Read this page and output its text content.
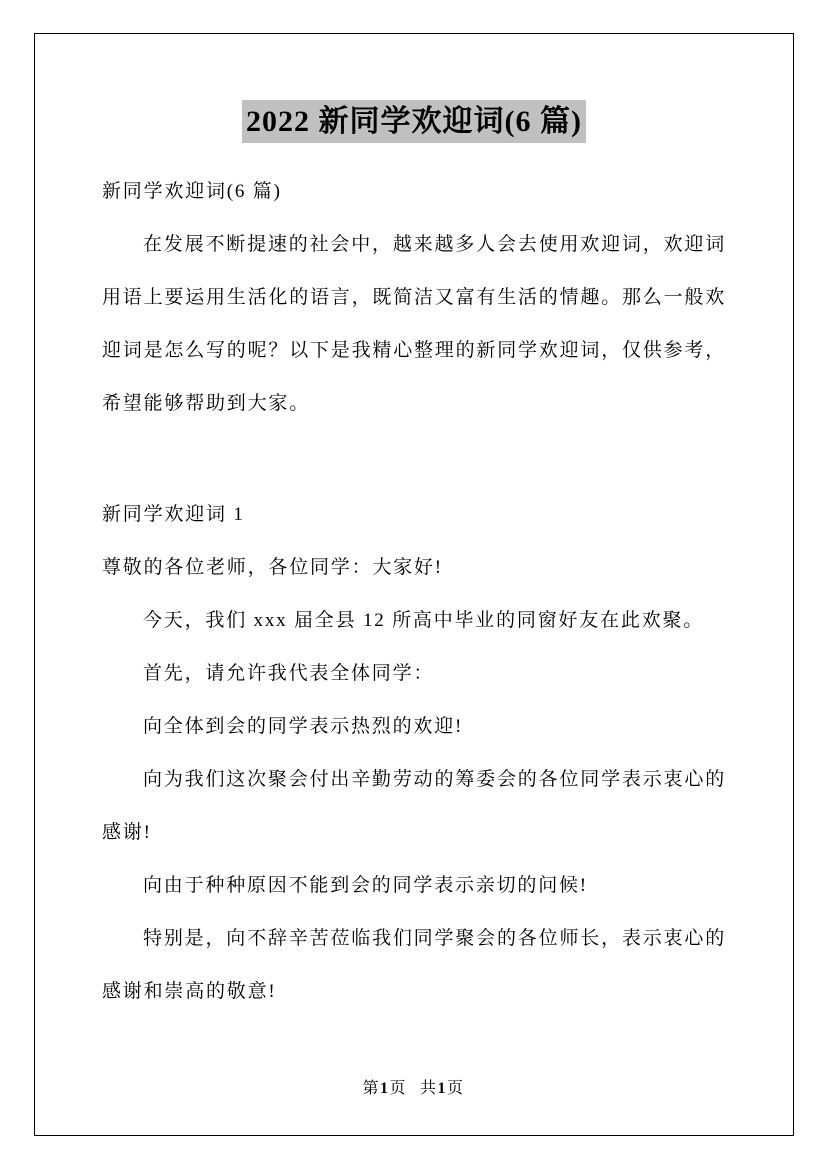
2022 新同学欢迎词(6 篇)

新同学欢迎词(6 篇)

在发展不断提速的社会中，越来越多人会去使用欢迎词，欢迎词用语上要运用生活化的语言，既简洁又富有生活的情趣。那么一般欢迎词是怎么写的呢？以下是我精心整理的新同学欢迎词，仅供参考，希望能够帮助到大家。

新同学欢迎词 1

尊敬的各位老师，各位同学：大家好!

今天，我们 xxx 届全县 12 所高中毕业的同窗好友在此欢聚。

首先，请允许我代表全体同学：

向全体到会的同学表示热烈的欢迎!

向为我们这次聚会付出辛勤劳动的筹委会的各位同学表示衷心的感谢!

向由于种种原因不能到会的同学表示亲切的问候!

特别是，向不辞辛苦莅临我们同学聚会的各位师长，表示衷心的感谢和崇高的敬意!

第1页 共1页
